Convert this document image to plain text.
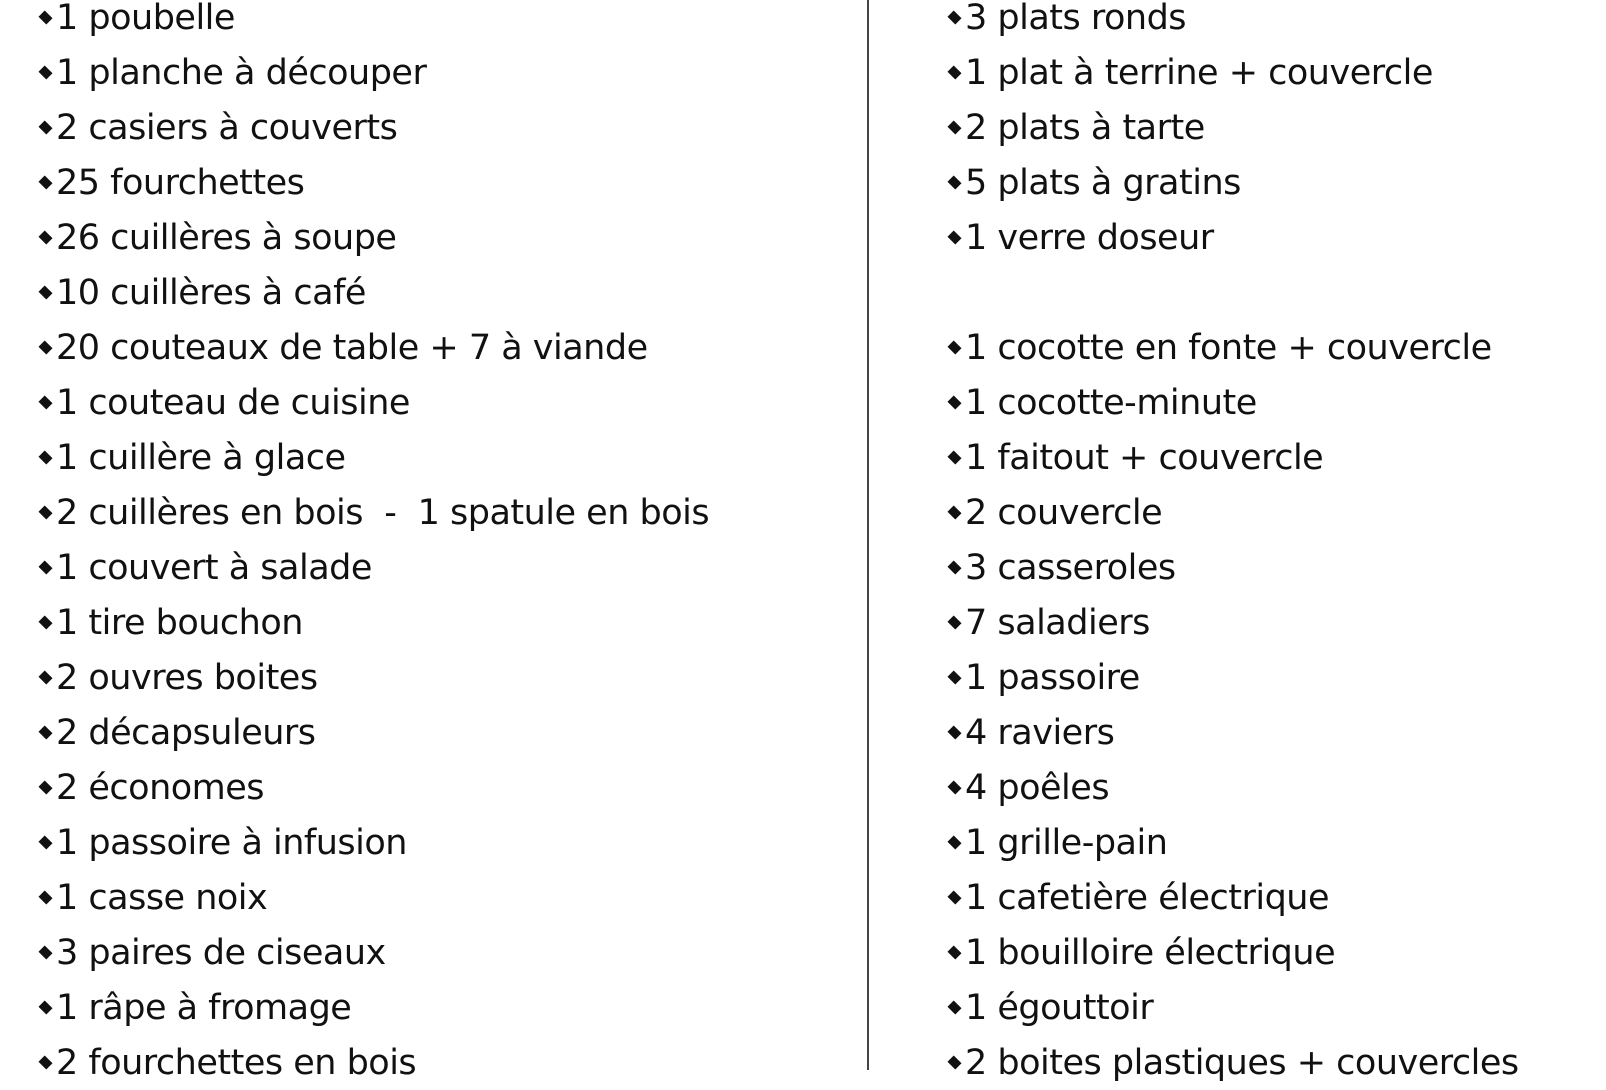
1 poubelle
1 planche à découper
2 casiers à couverts
25 fourchettes
26 cuillères à soupe
10 cuillères à café
20 couteaux de table + 7 à viande
1 couteau de cuisine
1 cuillère à glace
2 cuillères en bois  -  1 spatule en bois
1 couvert à salade
1 tire bouchon
2 ouvres boites
2 décapsuleurs
2 économes
1 passoire à infusion
1 casse noix
3 paires de ciseaux
1 râpe à fromage
2 fourchettes en bois
3 plats ronds
1 plat à terrine + couvercle
2 plats à tarte
5 plats à gratins
1 verre doseur
1 cocotte en fonte + couvercle
1 cocotte-minute
1 faitout + couvercle
2 couvercle
3 casseroles
7 saladiers
1 passoire
4 raviers
4 poêles
1 grille-pain
1 cafetière électrique
1 bouilloire électrique
1 égouttoir
2 boites plastiques + couvercles
